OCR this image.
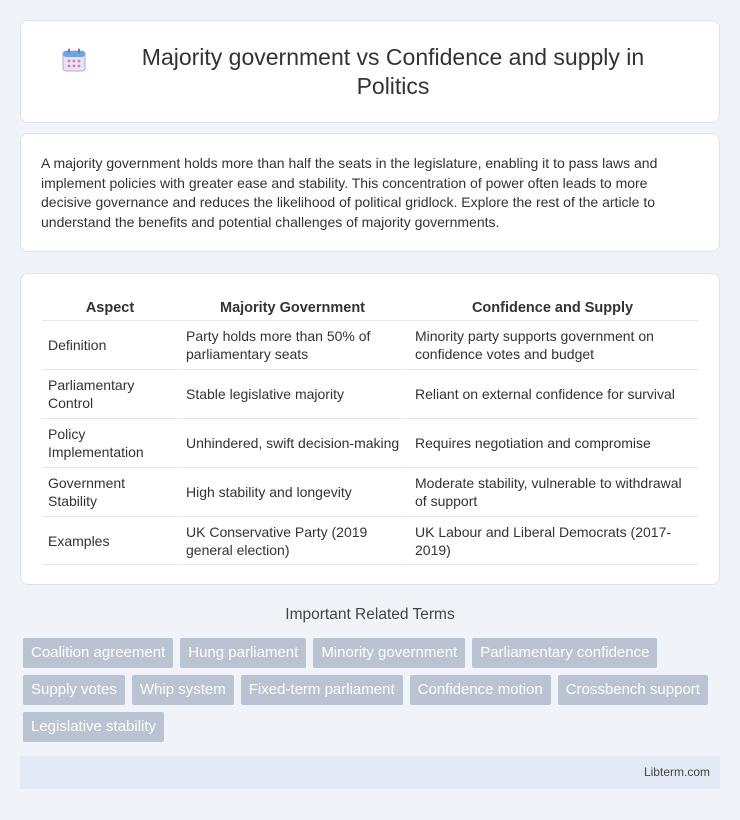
Majority government vs Confidence and supply in Politics

A majority government holds more than half the seats in the legislature, enabling it to pass laws and implement policies with greater ease and stability. This concentration of power often leads to more decisive governance and reduces the likelihood of political gridlock. Explore the rest of the article to understand the benefits and potential challenges of majority governments.

Aspect	Majority Government	Confidence and Supply
Definition	Party holds more than 50% of parliamentary seats	Minority party supports government on confidence votes and budget
Parliamentary Control	Stable legislative majority	Reliant on external confidence for survival
Policy Implementation	Unhindered, swift decision-making	Requires negotiation and compromise
Government Stability	High stability and longevity	Moderate stability, vulnerable to withdrawal of support
Examples	UK Conservative Party (2019 general election)	UK Labour and Liberal Democrats (2017-2019)
Important Related Terms
Coalition agreement	Hung parliament	Minority government	Parliamentary confidence
Supply votes	Whip system	Fixed-term parliament	Confidence motion	Crossbench support
Legislative stability
Libterm.com
